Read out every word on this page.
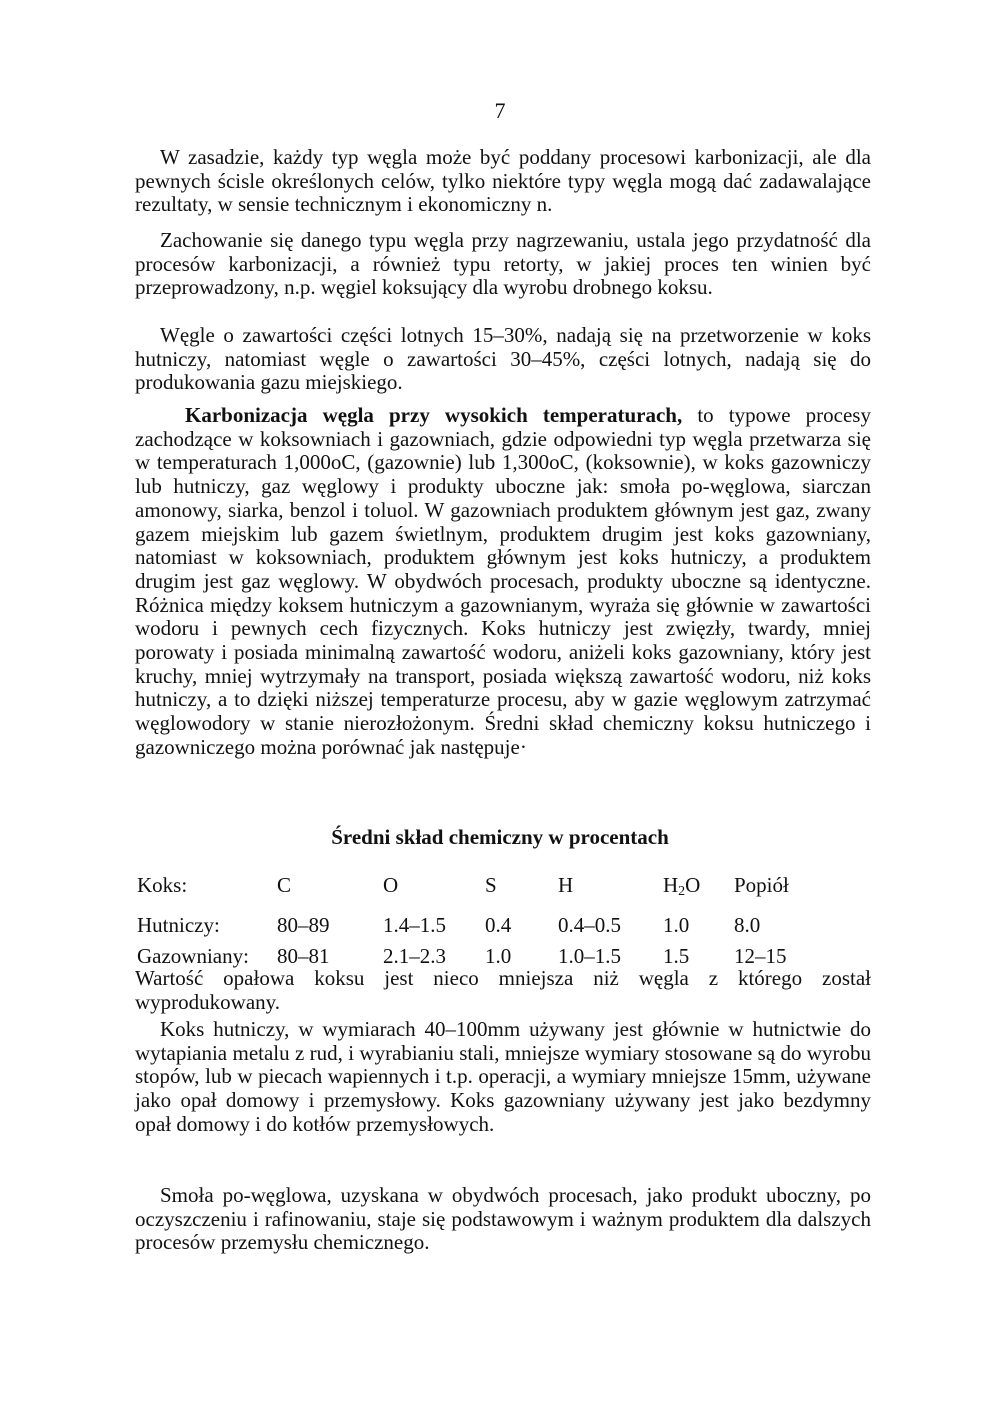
7
W zasadzie, każdy typ węgla może być poddany procesowi karbonizacji, ale dla pewnych ścisle określonych celów, tylko niektóre typy węgla mogą dać zadawalające rezultaty, w sensie technicznym i ekonomiczny n.
Zachowanie się danego typu węgla przy nagrzewaniu, ustala jego przydatność dla procesów karbonizacji, a również typu retorty, w jakiej proces ten winien być przeprowadzony, n.p. węgiel koksujący dla wyrobu drobnego koksu.
Węgle o zawartości części lotnych 15–30%, nadają się na przetworzenie w koks hutniczy, natomiast węgle o zawartości 30–45%, części lotnych, nadają się do produkowania gazu miejskiego.
Karbonizacja węgla przy wysokich temperaturach, to typowe procesy zachodzące w koksowniach i gazowniach, gdzie odpowiedni typ węgla przetwarza się w temperaturach 1,000oC, (gazownie) lub 1,300oC, (koksownie), w koks gazowniczy lub hutniczy, gaz węglowy i produkty uboczne jak: smoła po-węglowa, siarczan amonowy, siarka, benzol i toluol. W gazowniach produktem głównym jest gaz, zwany gazem miejskim lub gazem świetlnym, produktem drugim jest koks gazowniany, natomiast w koksowniach, produktem głównym jest koks hutniczy, a produktem drugim jest gaz węglowy. W obydwóch procesach, produkty uboczne są identyczne. Różnica między koksem hutniczym a gazownianym, wyraża się głównie w zawartości wodoru i pewnych cech fizycznych. Koks hutniczy jest zwięzły, twardy, mniej porowaty i posiada minimalną zawartość wodoru, aniżeli koks gazowniany, który jest kruchy, mniej wytrzymały na transport, posiada większą zawartość wodoru, niż koks hutniczy, a to dzięki niższej temperaturze procesu, aby w gazie węglowym zatrzymać węglowodory w stanie nierozłożonym. Średni skład chemiczny koksu hutniczego i gazowniczego można porównać jak następuje·
Średni skład chemiczny w procentach
Koks:	C	O	S	H	$H_2O$ Popiół
Hutniczy:	80–89	1.4–1.5 0.4 0.4–0.5 1.0 8.0
Gazowniany: 80–81	2.1–2.3 1.0 1.0–1.5 1.5 12–15
Wartość opałowa koksu jest nieco mniejsza niż węgla z którego został wyprodukowany.
Koks hutniczy, w wymiarach 40–100mm używany jest głównie w hutnictwie do wytapiania metalu z rud, i wyrabianiu stali, mniejsze wymiary stosowane są do wyrobu stopów, lub w piecach wapiennych i t.p. operacji, a wymiary mniejsze 15mm, używane jako opał domowy i przemysłowy. Koks gazowniany używany jest jako bezdymny opał domowy i do kotłów przemysłowych.
Smoła po-węglowa, uzyskana w obydwóch procesach, jako produkt uboczny, po oczyszczeniu i rafinowaniu, staje się podstawowym i ważnym produktem dla dalszych procesów przemysłu chemicznego.
